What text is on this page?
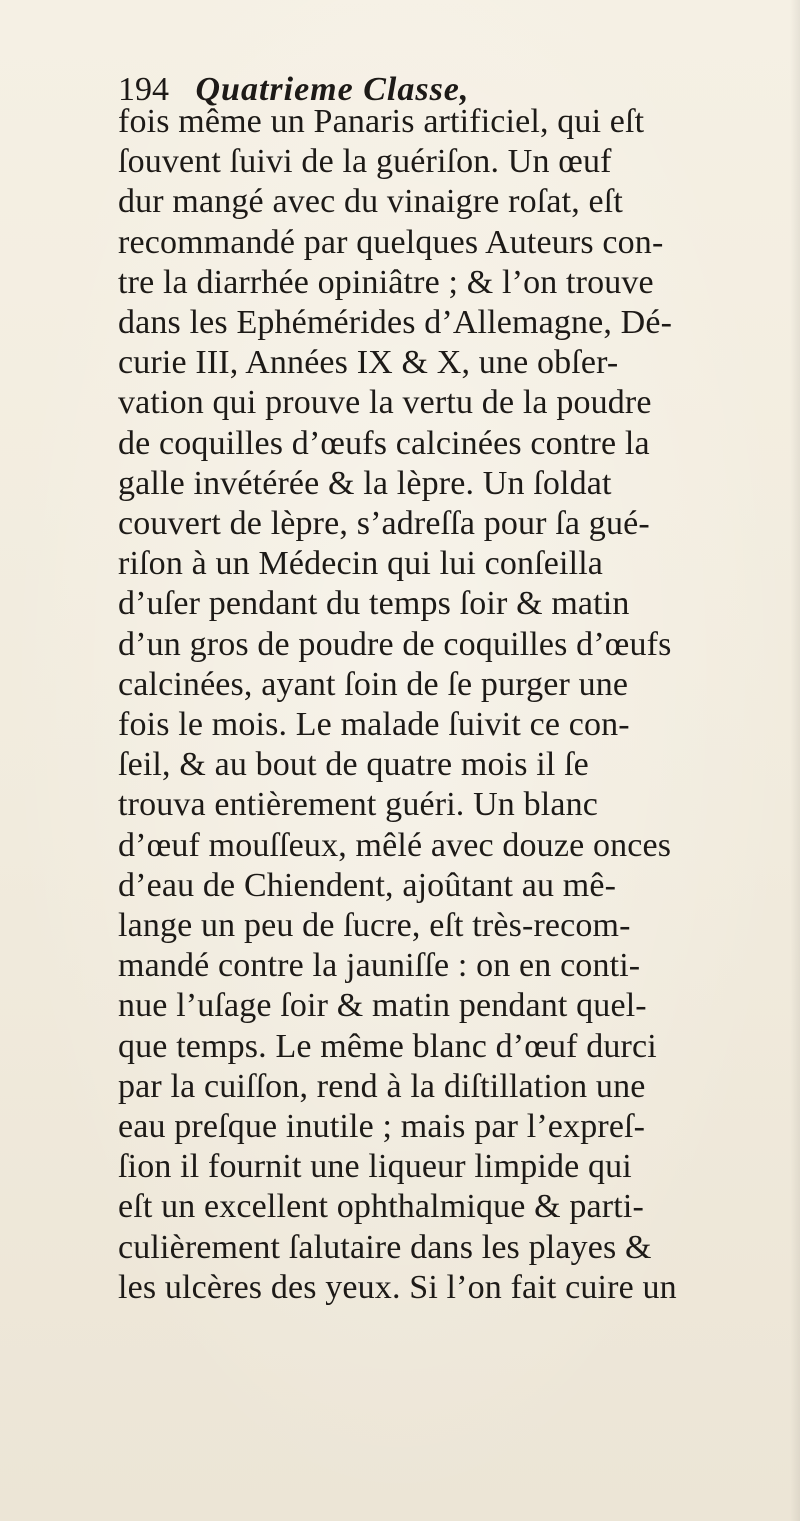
194 Quatrieme Classe,
fois même un Panaris artificiel, qui eſt
ſouvent ſuivi de la guériſon. Un œuf
dur mangé avec du vinaigre roſat, eſt
recommandé par quelques Auteurs con-
tre la diarrhée opiniâtre ; & l’on trouve
dans les Ephémérides d’Allemagne, Dé-
curie III, Années IX & X, une obſer-
vation qui prouve la vertu de la poudre
de coquilles d’œufs calcinées contre la
galle invétérée & la lèpre. Un ſoldat
couvert de lèpre, s’adreſſa pour ſa gué-
riſon à un Médecin qui lui conſeilla
d’uſer pendant du temps ſoir & matin
d’un gros de poudre de coquilles d’œufs
calcinées, ayant ſoin de ſe purger une
fois le mois. Le malade ſuivit ce con-
ſeil, & au bout de quatre mois il ſe
trouva entièrement guéri. Un blanc
d’œuf mouſſeux, mêlé avec douze onces
d’eau de Chiendent, ajoûtant au mê-
lange un peu de ſucre, eſt très-recom-
mandé contre la jauniſſe : on en conti-
nue l’uſage ſoir & matin pendant quel-
que temps. Le même blanc d’œuf durci
par la cuiſſon, rend à la diſtillation une
eau preſque inutile ; mais par l’expreſ-
ſion il fournit une liqueur limpide qui
eſt un excellent ophthalmique & parti-
culièrement ſalutaire dans les playes &
les ulcères des yeux. Si l’on fait cuire un
